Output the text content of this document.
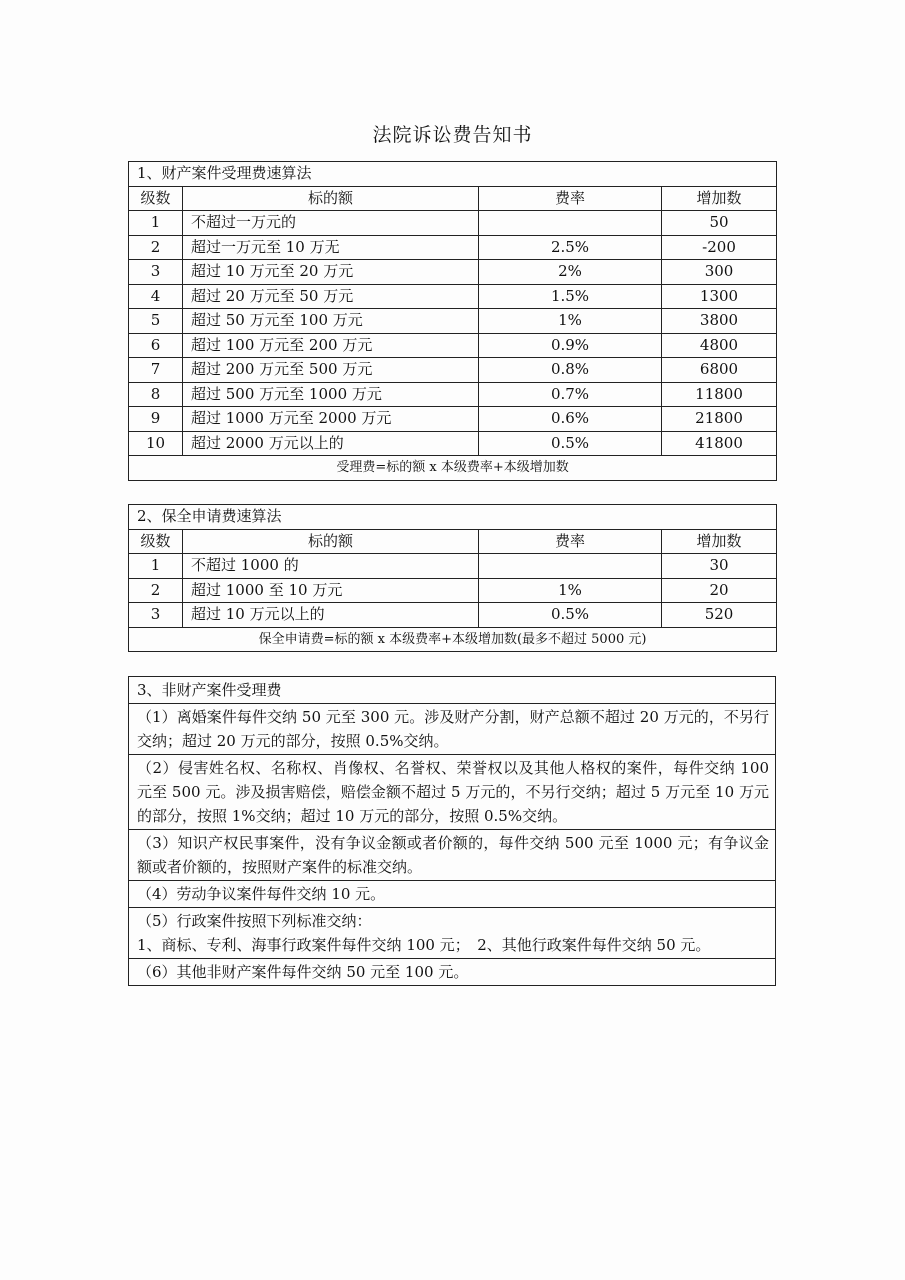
法院诉讼费告知书
1、财产案件受理费速算法			
级数	标的额	费率	增加数
1	不超过一万元的		50
2	超过一万元至 10 万无	2.5%	-200
3	超过 10 万元至 20 万元	2%	300
4	超过 20 万元至 50 万元	1.5%	1300
5	超过 50 万元至 100 万元	1%	3800
6	超过 100 万元至 200 万元	0.9%	4800
7	超过 200 万元至 500 万元	0.8%	6800
8	超过 500 万元至 1000 万元	0.7%	11800
9	超过 1000 万元至 2000 万元	0.6%	21800
10	超过 2000 万元以上的	0.5%	41800
受理费=标的额 x 本级费率+本级增加数			
2、保全申请费速算法			
级数	标的额	费率	增加数
1	不超过 1000 的		30
2	超过 1000 至 10 万元	1%	20
3	超过 10 万元以上的	0.5%	520
保全申请费=标的额 x 本级费率+本级增加数(最多不超过 5000 元)			
3、非财产案件受理费
（1）离婚案件每件交纳 50 元至 300 元。涉及财产分割，财产总额不超过 20 万元的，不另行交纳；超过 20 万元的部分，按照 0.5%交纳。
（2）侵害姓名权、名称权、肖像权、名誉权、荣誉权以及其他人格权的案件，每件交纳 100 元至 500 元。涉及损害赔偿，赔偿金额不超过 5 万元的，不另行交纳；超过 5 万元至 10 万元的部分，按照 1%交纳；超过 10 万元的部分，按照 0.5%交纳。
（3）知识产权民事案件，没有争议金额或者价额的，每件交纳 500 元至 1000 元；有争议金额或者价额的，按照财产案件的标准交纳。
（4）劳动争议案件每件交纳 10 元。

（5）行政案件按照下列标准交纳：
1、商标、专利、海事行政案件每件交纳 100 元；　2、其他行政案件每件交纳 50 元。

（6）其他非财产案件每件交纳 50 元至 100 元。
